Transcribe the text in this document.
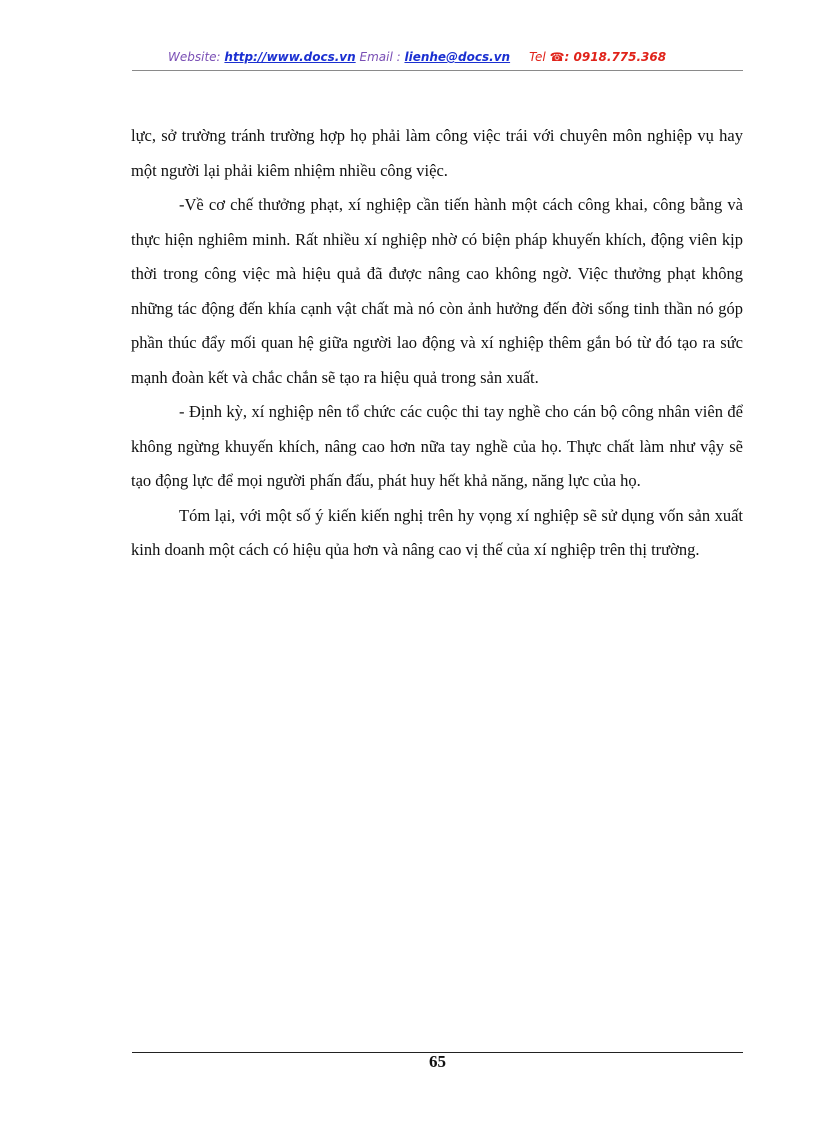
Website: http://www.docs.vn Email : lienhe@docs.vn Tel ☎: 0918.775.368

lực, sở trường tránh trường hợp họ phải làm công việc trái với chuyên môn nghiệp vụ hay một người lại phải kiêm nhiệm nhiều công việc.

-Về cơ chế thưởng phạt, xí nghiệp cần tiến hành một cách công khai, công bằng và thực hiện nghiêm minh. Rất nhiều xí nghiệp nhờ có biện pháp khuyến khích, động viên kịp thời trong công việc mà hiệu quả đã được nâng cao không ngờ. Việc thưởng phạt không những tác động đến khía cạnh vật chất mà nó còn ảnh hưởng đến đời sống tinh thần nó góp phần thúc đẩy mối quan hệ giữa người lao động và xí nghiệp thêm gắn bó từ đó tạo ra sức mạnh đoàn kết và chắc chắn sẽ tạo ra hiệu quả trong sản xuất.

- Định kỳ, xí nghiệp nên tổ chức các cuộc thi tay nghề cho cán bộ công nhân viên để không ngừng khuyến khích, nâng cao hơn nữa tay nghề của họ. Thực chất làm như vậy sẽ tạo động lực để mọi người phấn đấu, phát huy hết khả năng, năng lực của họ.

Tóm lại, với một số ý kiến kiến nghị trên hy vọng xí nghiệp sẽ sử dụng vốn sản xuất kinh doanh một cách có hiệu qủa hơn và nâng cao vị thế của xí nghiệp trên thị trường.

65
